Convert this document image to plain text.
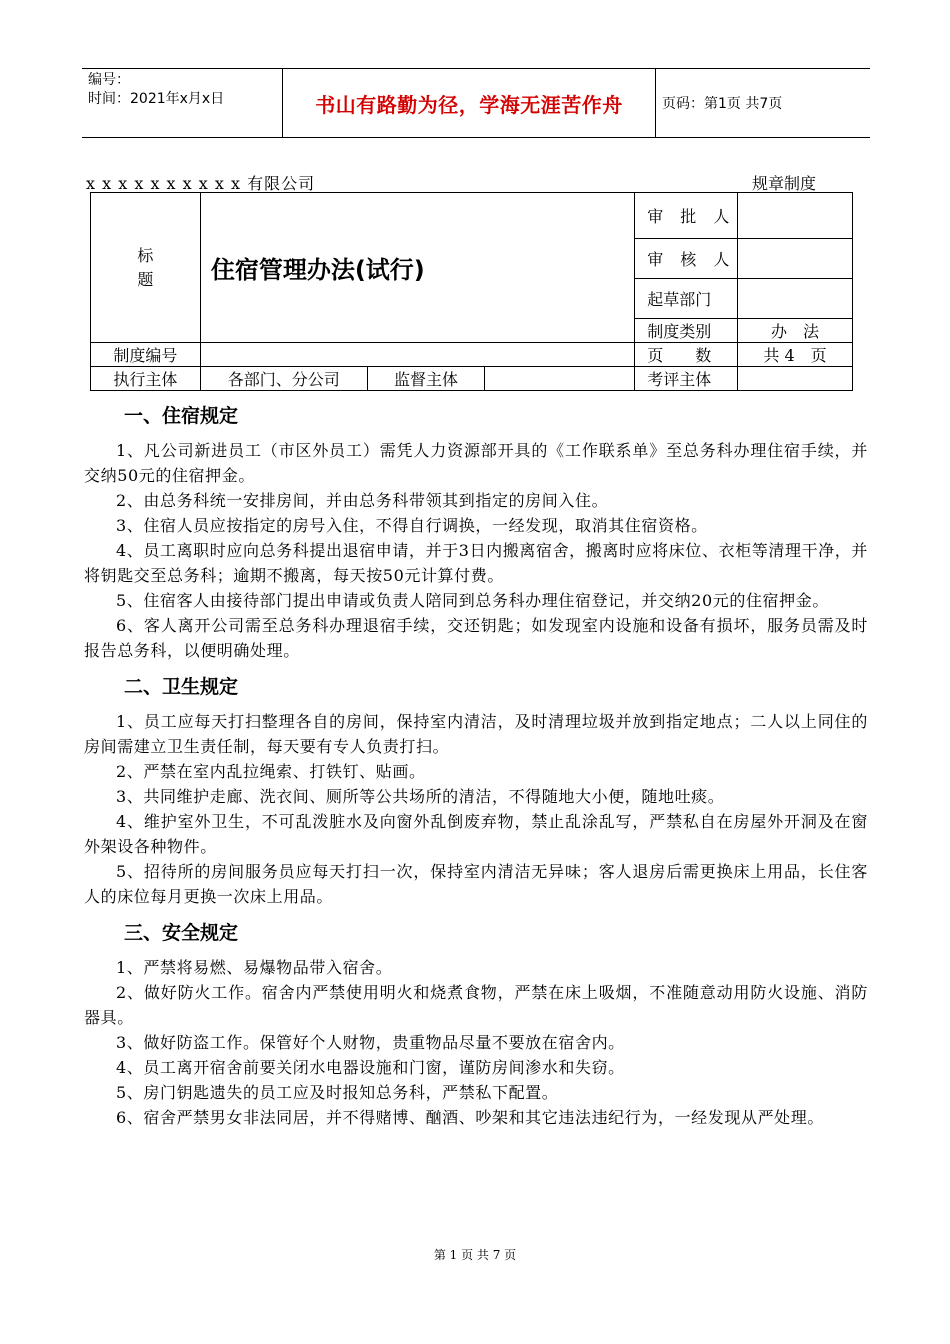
编号：
时间：2021年x月x日	书山有路勤为径，学海无涯苦作舟	页码：第1页 共7页
x x x x x x x x x x 有限公司	规章制度
标
题	住宿管理办法(试行)			审 批 人	
				审 核 人	
				起草部门	
				制度类别	办　法
制度编号				页　　数	共 4　页
执行主体	各部门、分公司	监督主体		考评主体	
一、住宿规定

1、凡公司新进员工（市区外员工）需凭人力资源部开具的《工作联系单》至总务科办理住宿手续，并交纳50元的住宿押金。

2、由总务科统一安排房间，并由总务科带领其到指定的房间入住。

3、住宿人员应按指定的房号入住，不得自行调换，一经发现，取消其住宿资格。

4、员工离职时应向总务科提出退宿申请，并于3日内搬离宿舍，搬离时应将床位、衣柜等清理干净，并将钥匙交至总务科；逾期不搬离，每天按50元计算付费。

5、住宿客人由接待部门提出申请或负责人陪同到总务科办理住宿登记，并交纳20元的住宿押金。

6、客人离开公司需至总务科办理退宿手续，交还钥匙；如发现室内设施和设备有损坏，服务员需及时报告总务科，以便明确处理。

二、卫生规定

1、员工应每天打扫整理各自的房间，保持室内清洁，及时清理垃圾并放到指定地点；二人以上同住的房间需建立卫生责任制，每天要有专人负责打扫。

2、严禁在室内乱拉绳索、打铁钉、贴画。

3、共同维护走廊、洗衣间、厕所等公共场所的清洁，不得随地大小便，随地吐痰。

4、维护室外卫生，不可乱泼脏水及向窗外乱倒废弃物，禁止乱涂乱写，严禁私自在房屋外开洞及在窗外架设各种物件。

5、招待所的房间服务员应每天打扫一次，保持室内清洁无异味；客人退房后需更换床上用品，长住客人的床位每月更换一次床上用品。

三、安全规定

1、严禁将易燃、易爆物品带入宿舍。

2、做好防火工作。宿舍内严禁使用明火和烧煮食物，严禁在床上吸烟，不准随意动用防火设施、消防器具。

3、做好防盗工作。保管好个人财物，贵重物品尽量不要放在宿舍内。

4、员工离开宿舍前要关闭水电器设施和门窗，谨防房间渗水和失窃。

5、房门钥匙遗失的员工应及时报知总务科，严禁私下配置。

6、宿舍严禁男女非法同居，并不得赌博、酗酒、吵架和其它违法违纪行为，一经发现从严处理。

第 1 页 共 7 页
